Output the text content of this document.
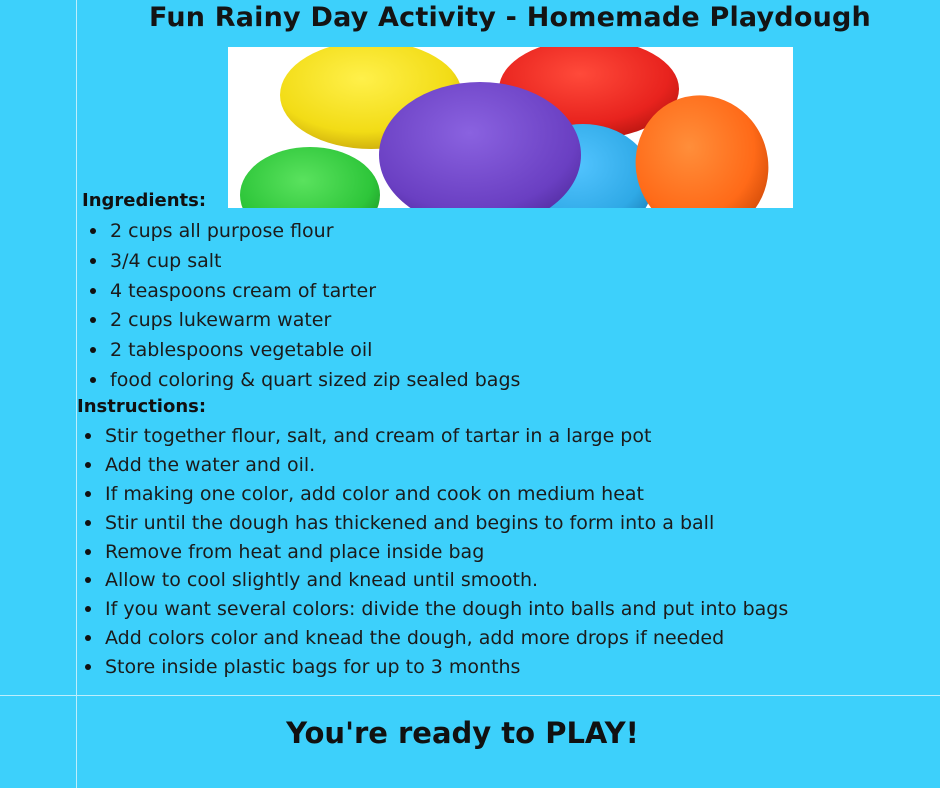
Fun Rainy Day Activity - Homemade Playdough
Ingredients:
2 cups all purpose flour
3/4 cup salt
4 teaspoons cream of tarter
2 cups lukewarm water
2 tablespoons vegetable oil
food coloring & quart sized zip sealed bags
Instructions:
Stir together flour, salt, and cream of tartar in a large pot
Add the water and oil.
If making one color, add color and cook on medium heat
Stir until the dough has thickened and begins to form into a ball
Remove from heat and place inside bag
Allow to cool slightly and knead until smooth.
If you want several colors: divide the dough into balls and put into bags
Add colors color and knead the dough, add more drops if needed
Store inside plastic bags for up to 3 months
You're ready to PLAY!
